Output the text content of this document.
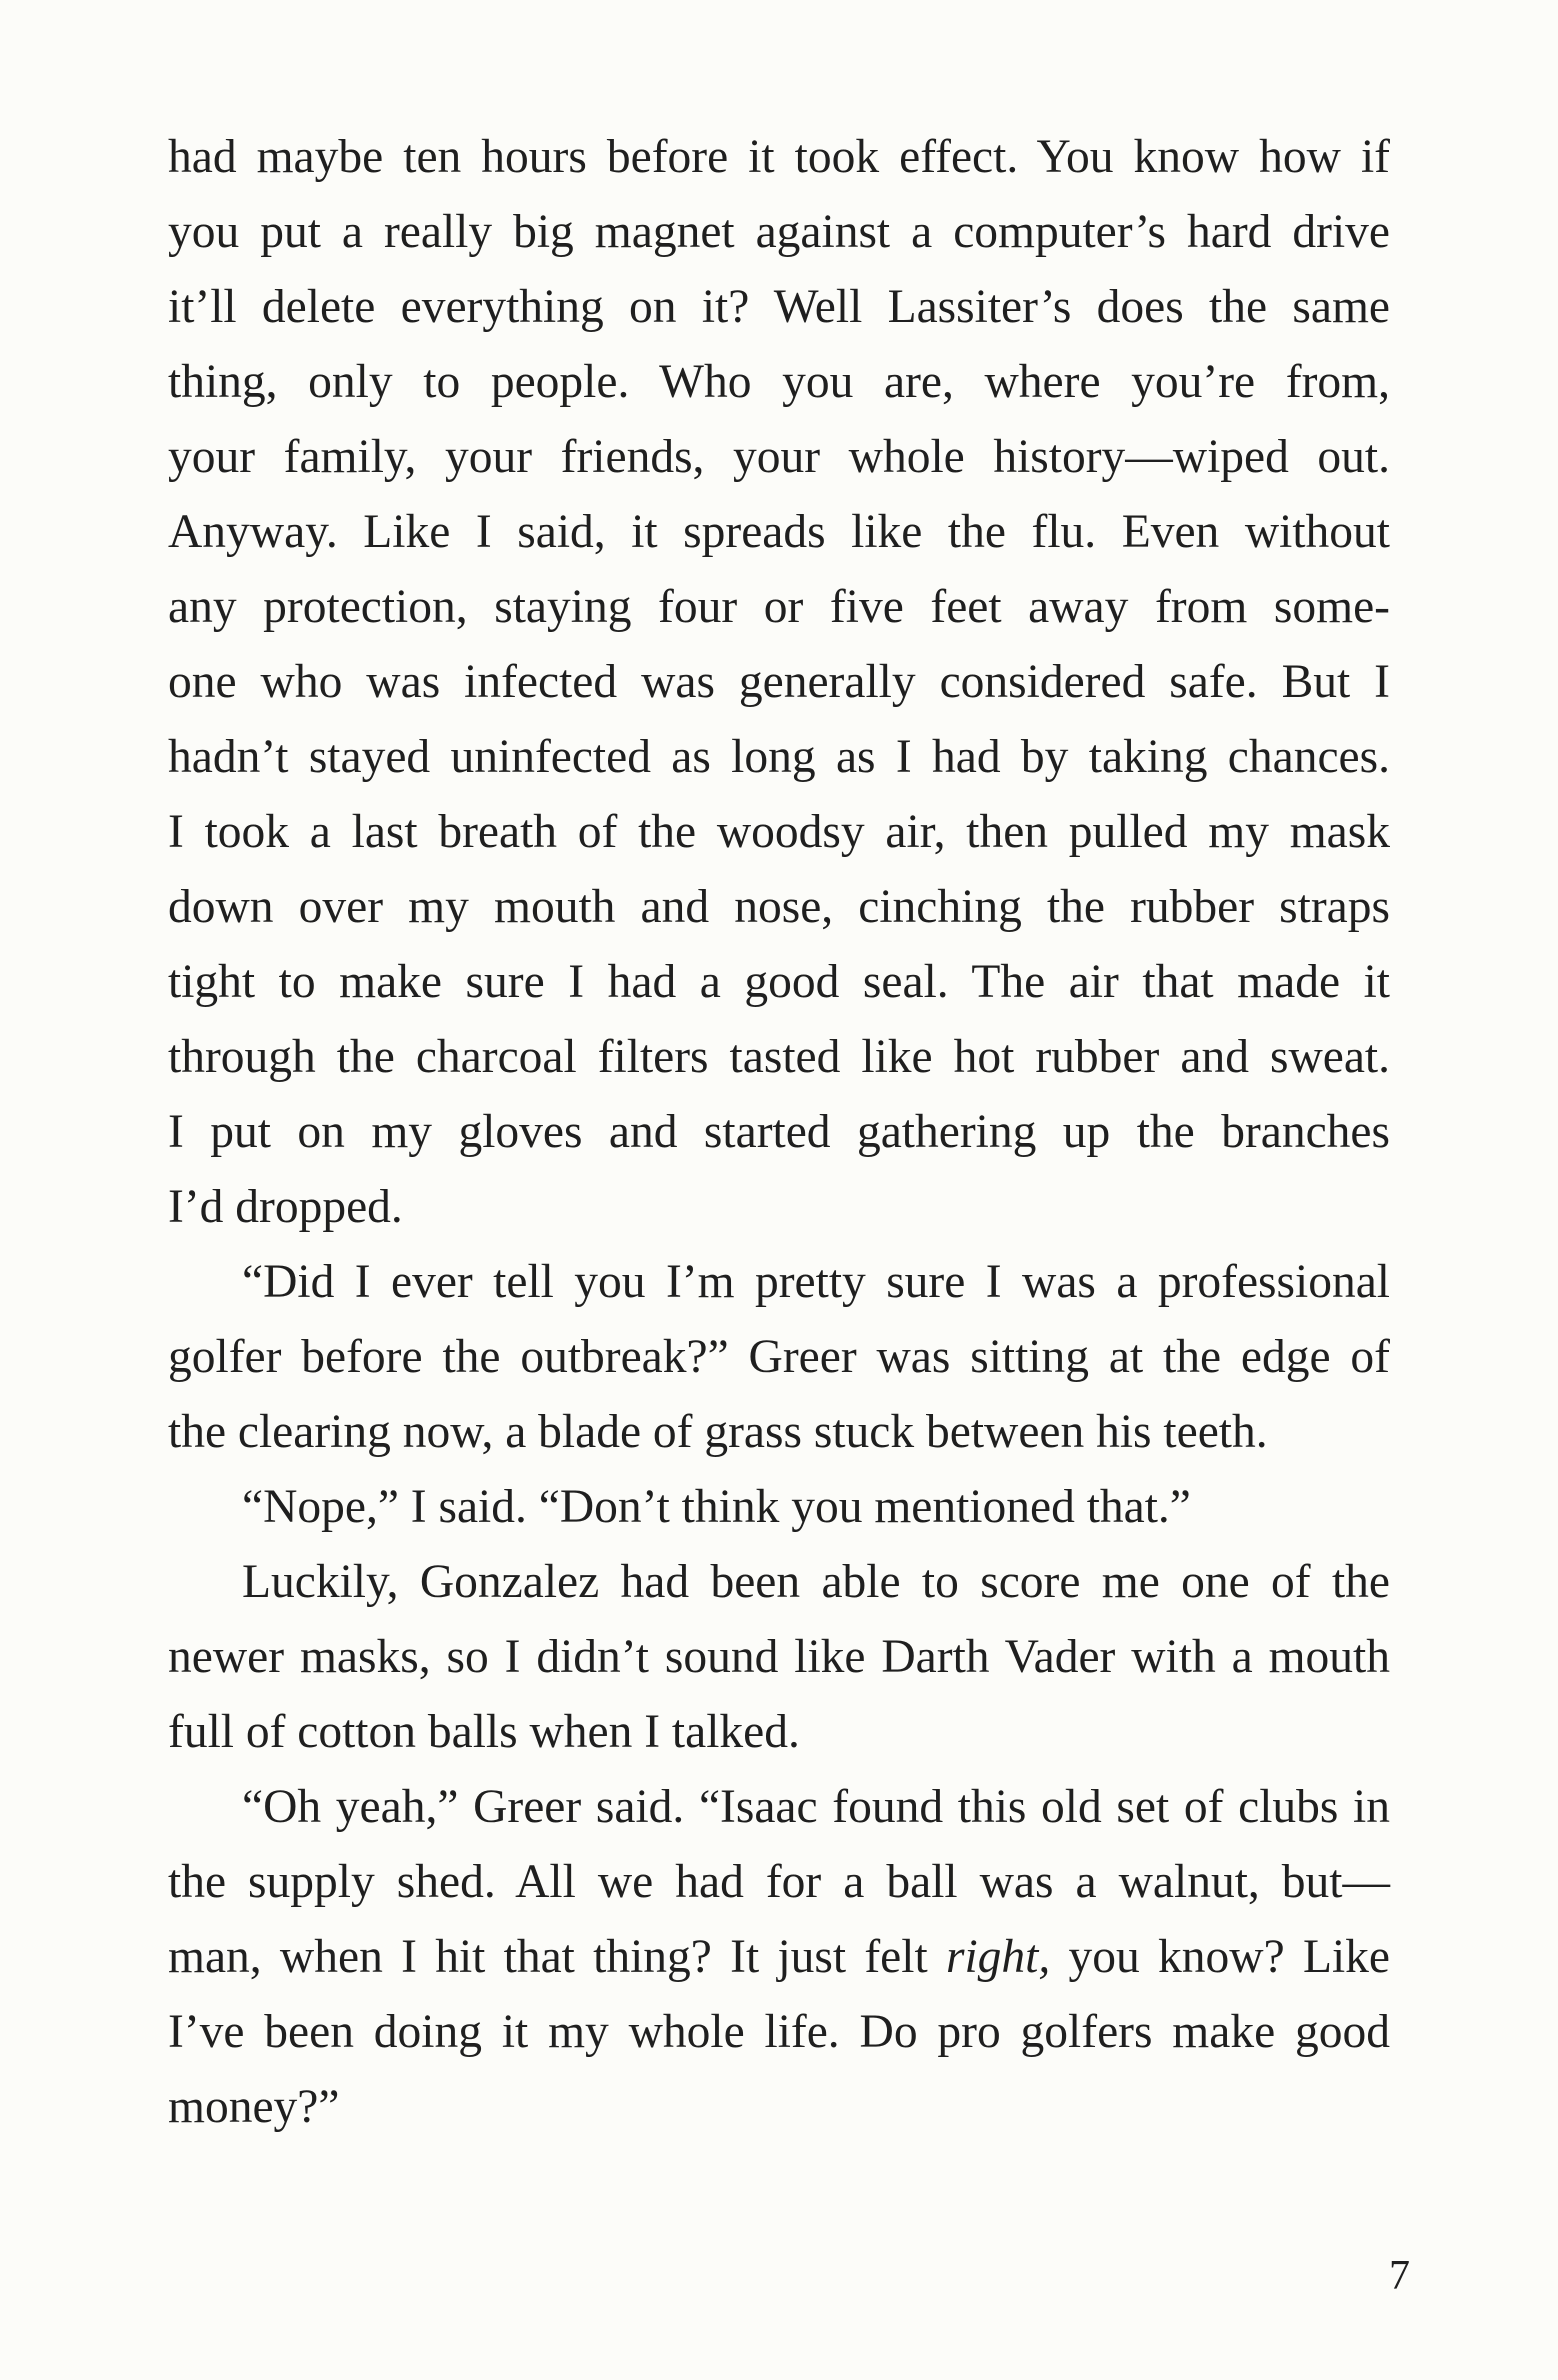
had maybe ten hours before it took effect. You know how if
you put a really big magnet against a computer’s hard drive
it’ll delete everything on it? Well Lassiter’s does the same
thing, only to people. Who you are, where you’re from,
your family, your friends, your whole history—wiped out.
Anyway. Like I said, it spreads like the flu. Even without
any protection, staying four or five feet away from some-
one who was infected was generally considered safe. But I
hadn’t stayed uninfected as long as I had by taking chances.
I took a last breath of the woodsy air, then pulled my mask
down over my mouth and nose, cinching the rubber straps
tight to make sure I had a good seal. The air that made it
through the charcoal filters tasted like hot rubber and sweat.
I put on my gloves and started gathering up the branches
I’d dropped.
“Did I ever tell you I’m pretty sure I was a professional
golfer before the outbreak?” Greer was sitting at the edge of
the clearing now, a blade of grass stuck between his teeth.
“Nope,” I said. “Don’t think you mentioned that.”
Luckily, Gonzalez had been able to score me one of the
newer masks, so I didn’t sound like Darth Vader with a mouth
full of cotton balls when I talked.
“Oh yeah,” Greer said. “Isaac found this old set of clubs in
the supply shed. All we had for a ball was a walnut, but—
man, when I hit that thing? It just felt right, you know? Like
I’ve been doing it my whole life. Do pro golfers make good
money?”
7
